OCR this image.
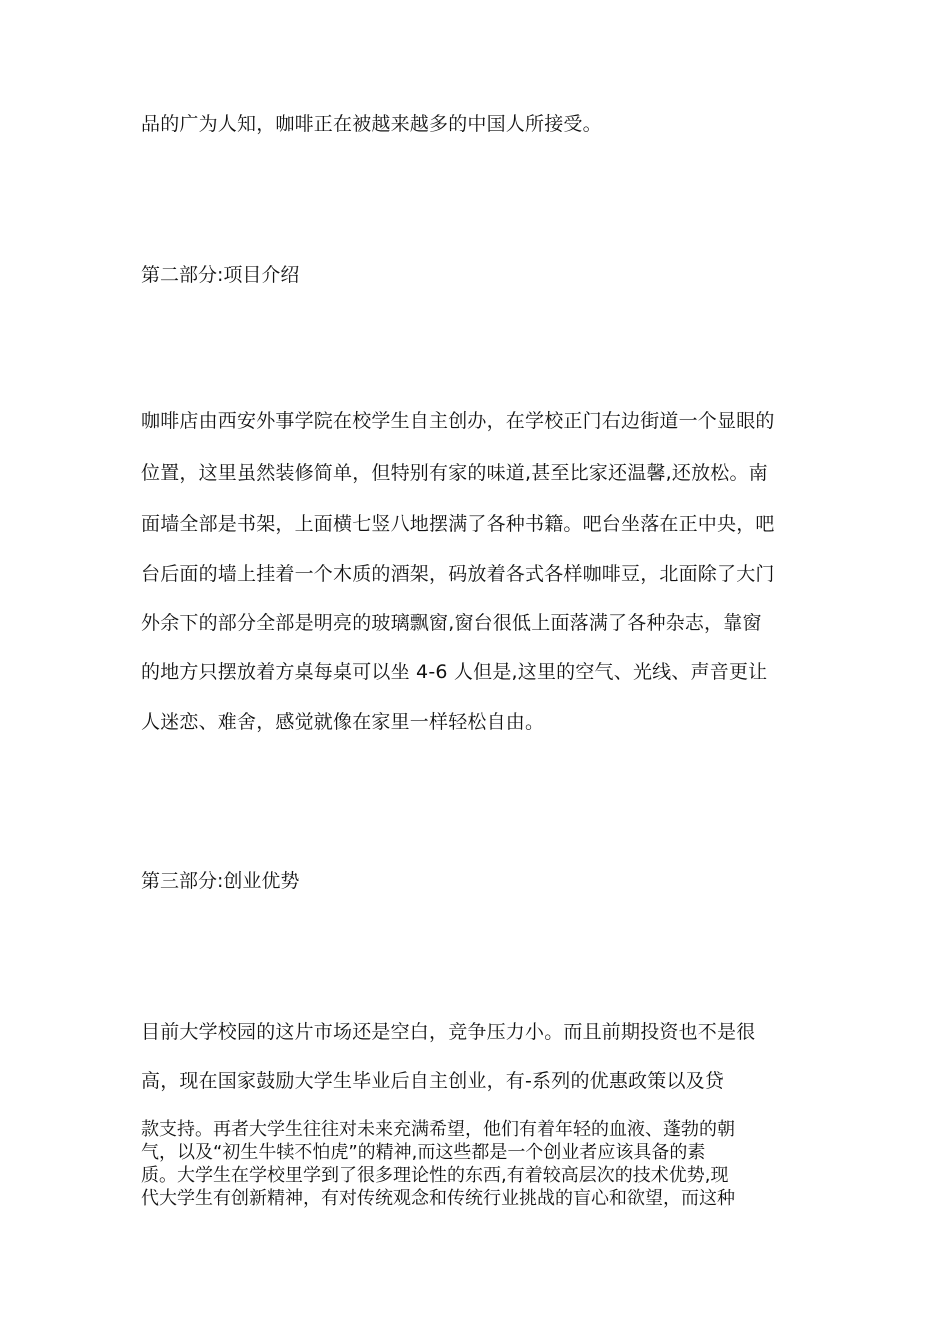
品的广为人知，咖啡正在被越来越多的中国人所接受。
第二部分:项目介绍
咖啡店由西安外事学院在校学生自主创办，在学校正门右边街道一个显眼的
位置，这里虽然装修简单，但特别有家的味道,甚至比家还温馨,还放松。南
面墙全部是书架，上面横七竖八地摆满了各种书籍。吧台坐落在正中央，吧
台后面的墙上挂着一个木质的酒架，码放着各式各样咖啡豆，北面除了大门
外余下的部分全部是明亮的玻璃飘窗,窗台很低上面落满了各种杂志，靠窗
的地方只摆放着方桌每桌可以坐 4-6 人但是,这里的空气、光线、声音更让
人迷恋、难舍，感觉就像在家里一样轻松自由。
第三部分:创业优势
目前大学校园的这片市场还是空白，竞争压力小。而且前期投资也不是很
高，现在国家鼓励大学生毕业后自主创业，有-系列的优惠政策以及贷
款支持。再者大学生往往对未来充满希望，他们有着年轻的血液、蓬勃的朝
气，以及“初生牛犊不怕虎”的精神,而这些都是一个创业者应该具备的素
质。大学生在学校里学到了很多理论性的东西,有着较高层次的技术优势,现
代大学生有创新精神，有对传统观念和传统行业挑战的盲心和欲望，而这种
